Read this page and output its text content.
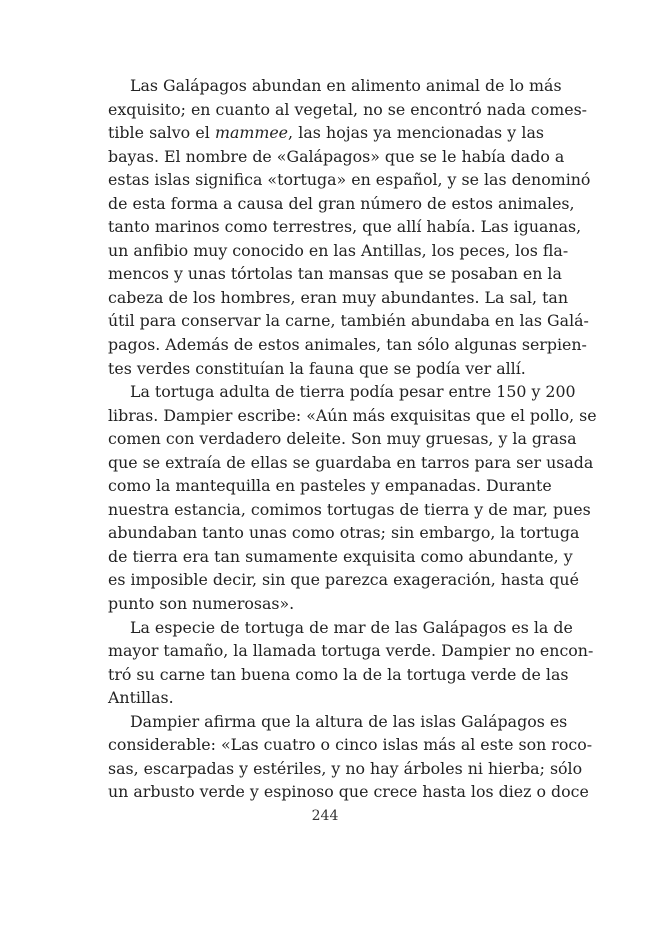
Las Galápagos abundan en alimento animal de lo más
exquisito; en cuanto al vegetal, no se encontró nada comes-
tible salvo el mammee, las hojas ya mencionadas y las
bayas. El nombre de «Galápagos» que se le había dado a
estas islas significa «tortuga» en español, y se las denominó
de esta forma a causa del gran número de estos animales,
tanto marinos como terrestres, que allí había. Las iguanas,
un anfibio muy conocido en las Antillas, los peces, los fla-
mencos y unas tórtolas tan mansas que se posaban en la
cabeza de los hombres, eran muy abundantes. La sal, tan
útil para conservar la carne, también abundaba en las Galá-
pagos. Además de estos animales, tan sólo algunas serpien-
tes verdes constituían la fauna que se podía ver allí.

La tortuga adulta de tierra podía pesar entre 150 y 200
libras. Dampier escribe: «Aún más exquisitas que el pollo, se
comen con verdadero deleite. Son muy gruesas, y la grasa
que se extraía de ellas se guardaba en tarros para ser usada
como la mantequilla en pasteles y empanadas. Durante
nuestra estancia, comimos tortugas de tierra y de mar, pues
abundaban tanto unas como otras; sin embargo, la tortuga
de tierra era tan sumamente exquisita como abundante, y
es imposible decir, sin que parezca exageración, hasta qué
punto son numerosas».

La especie de tortuga de mar de las Galápagos es la de
mayor tamaño, la llamada tortuga verde. Dampier no encon-
tró su carne tan buena como la de la tortuga verde de las
Antillas.

Dampier afirma que la altura de las islas Galápagos es
considerable: «Las cuatro o cinco islas más al este son roco-
sas, escarpadas y estériles, y no hay árboles ni hierba; sólo
un arbusto verde y espinoso que crece hasta los diez o doce

244
